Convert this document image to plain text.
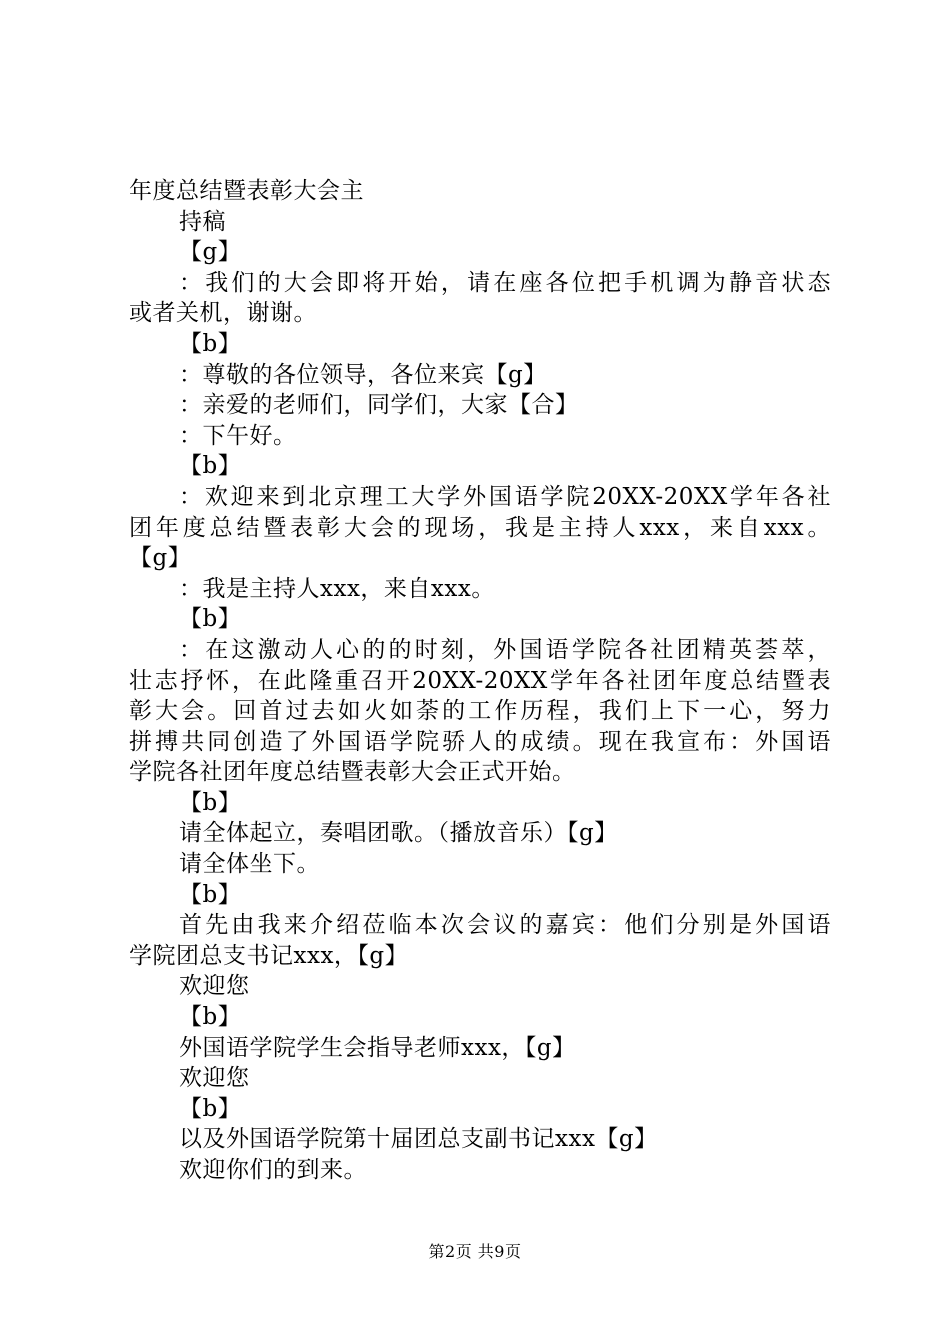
年度总结暨表彰大会主
持稿
【g】
：我们的大会即将开始，请在座各位把手机调为静音状态
或者关机，谢谢。
【b】
：尊敬的各位领导，各位来宾【g】
：亲爱的老师们，同学们，大家【合】
：下午好。
【b】
：欢迎来到北京理工大学外国语学院20XX-20XX学年各社
团年度总结暨表彰大会的现场，我是主持人xxx，来自xxx。
【g】
：我是主持人xxx，来自xxx。
【b】
：在这激动人心的的时刻，外国语学院各社团精英荟萃，
壮志抒怀，在此隆重召开20XX-20XX学年各社团年度总结暨表
彰大会。回首过去如火如荼的工作历程，我们上下一心，努力
拼搏共同创造了外国语学院骄人的成绩。现在我宣布：外国语
学院各社团年度总结暨表彰大会正式开始。
【b】
请全体起立，奏唱团歌。（播放音乐）【g】
请全体坐下。
【b】
首先由我来介绍莅临本次会议的嘉宾：他们分别是外国语
学院团总支书记xxx，【g】
欢迎您
【b】
外国语学院学生会指导老师xxx，【g】
欢迎您
【b】
以及外国语学院第十届团总支副书记xxx【g】
欢迎你们的到来。
第2页 共9页
